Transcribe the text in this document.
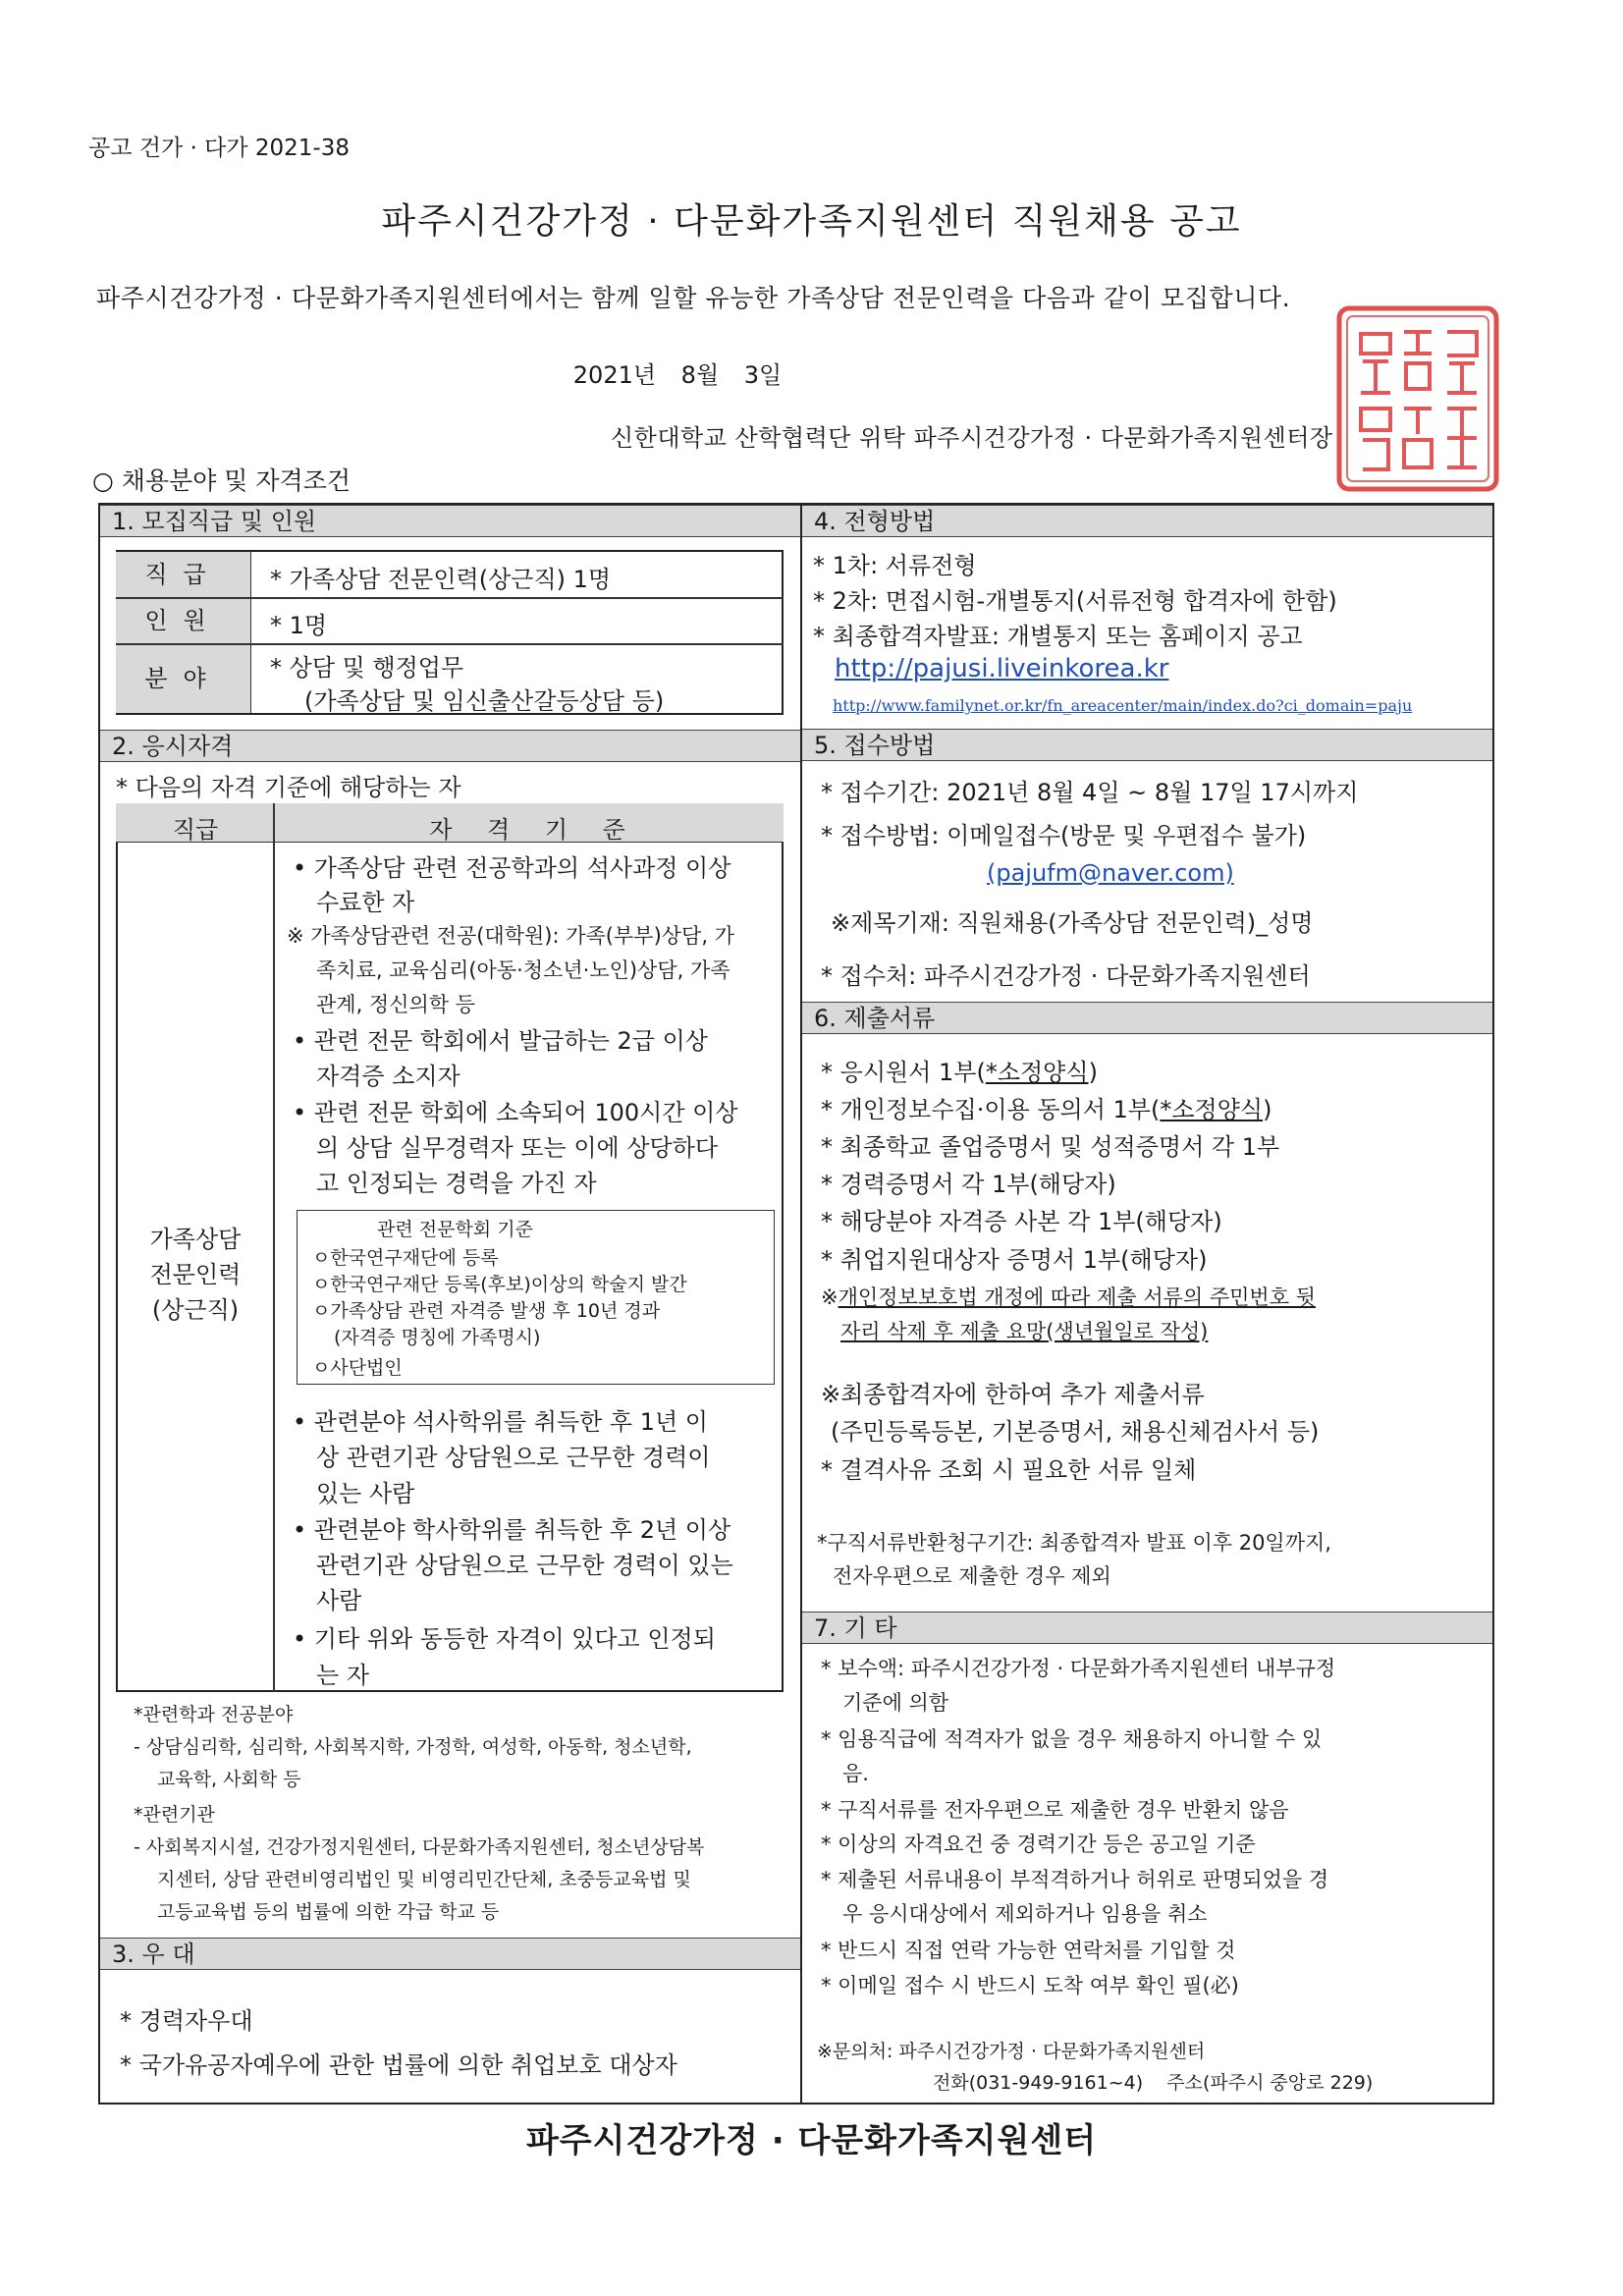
공고 건가 · 다가 2021-38
파주시건강가정 · 다문화가족지원센터 직원채용 공고
파주시건강가정 · 다문화가족지원센터에서는 함께 일할 유능한 가족상담 전문인력을 다음과 같이 모집합니다.
2021년 8월 3일
신한대학교 산학협력단 위탁 파주시건강가정 · 다문화가족지원센터장
○ 채용분야 및 자격조건
1. 모집직급 및 인원
직급
인원
분야
* 가족상담 전문인력(상근직) 1명
* 1명
* 상담 및 행정업무
(가족상담 및 임신출산갈등상담 등)
2. 응시자격
* 다음의 자격 기준에 해당하는 자
직급	자 격 기 준
가족상담
전문인력
(상근직)
• 가족상담 관련 전공학과의 석사과정 이상
수료한 자
※ 가족상담관련 전공(대학원): 가족(부부)상담, 가
족치료, 교육심리(아동·청소년·노인)상담, 가족
관계, 정신의학 등
• 관련 전문 학회에서 발급하는 2급 이상
자격증 소지자
• 관련 전문 학회에 소속되어 100시간 이상
의 상담 실무경력자 또는 이에 상당하다
고 인정되는 경력을 가진 자
관련 전문학회 기준
ㅇ한국연구재단에 등록
ㅇ한국연구재단 등록(후보)이상의 학술지 발간
ㅇ가족상담 관련 자격증 발생 후 10년 경과
(자격증 명칭에 가족명시)
ㅇ사단법인
• 관련분야 석사학위를 취득한 후 1년 이
상 관련기관 상담원으로 근무한 경력이
있는 사람
• 관련분야 학사학위를 취득한 후 2년 이상
관련기관 상담원으로 근무한 경력이 있는
사람
• 기타 위와 동등한 자격이 있다고 인정되
는 자
*관련학과 전공분야
- 상담심리학, 심리학, 사회복지학, 가정학, 여성학, 아동학, 청소년학,
교육학, 사회학 등
*관련기관
- 사회복지시설, 건강가정지원센터, 다문화가족지원센터, 청소년상담복
지센터, 상담 관련비영리법인 및 비영리민간단체, 초중등교육법 및
고등교육법 등의 법률에 의한 각급 학교 등
3. 우 대
* 경력자우대
* 국가유공자예우에 관한 법률에 의한 취업보호 대상자
4. 전형방법
* 1차: 서류전형
* 2차: 면접시험-개별통지(서류전형 합격자에 한함)
* 최종합격자발표: 개별통지 또는 홈페이지 공고
http://pajusi.liveinkorea.kr
http://www.familynet.or.kr/fn_areacenter/main/index.do?ci_domain=paju
5. 접수방법
* 접수기간: 2021년 8월 4일 ~ 8월 17일 17시까지
* 접수방법: 이메일접수(방문 및 우편접수 불가)
(pajufm@naver.com)
※제목기재: 직원채용(가족상담 전문인력)_성명
* 접수처: 파주시건강가정 · 다문화가족지원센터
6. 제출서류
* 응시원서 1부(*소정양식)
* 개인정보수집·이용 동의서 1부(*소정양식)
* 최종학교 졸업증명서 및 성적증명서 각 1부
* 경력증명서 각 1부(해당자)
* 해당분야 자격증 사본 각 1부(해당자)
* 취업지원대상자 증명서 1부(해당자)
※개인정보보호법 개정에 따라 제출 서류의 주민번호 뒷
자리 삭제 후 제출 요망(생년월일로 작성)
※최종합격자에 한하여 추가 제출서류
(주민등록등본, 기본증명서, 채용신체검사서 등)
* 결격사유 조회 시 필요한 서류 일체
*구직서류반환청구기간: 최종합격자 발표 이후 20일까지,
전자우편으로 제출한 경우 제외
7. 기 타
* 보수액: 파주시건강가정 · 다문화가족지원센터 내부규정
기준에 의함
* 임용직급에 적격자가 없을 경우 채용하지 아니할 수 있
음.
* 구직서류를 전자우편으로 제출한 경우 반환치 않음
* 이상의 자격요건 중 경력기간 등은 공고일 기준
* 제출된 서류내용이 부적격하거나 허위로 판명되었을 경
우 응시대상에서 제외하거나 임용을 취소
* 반드시 직접 연락 가능한 연락처를 기입할 것
* 이메일 접수 시 반드시 도착 여부 확인 필(必)
※문의처: 파주시건강가정 · 다문화가족지원센터
전화(031-949-9161~4)    주소(파주시 중앙로 229)
파주시건강가정 · 다문화가족지원센터
